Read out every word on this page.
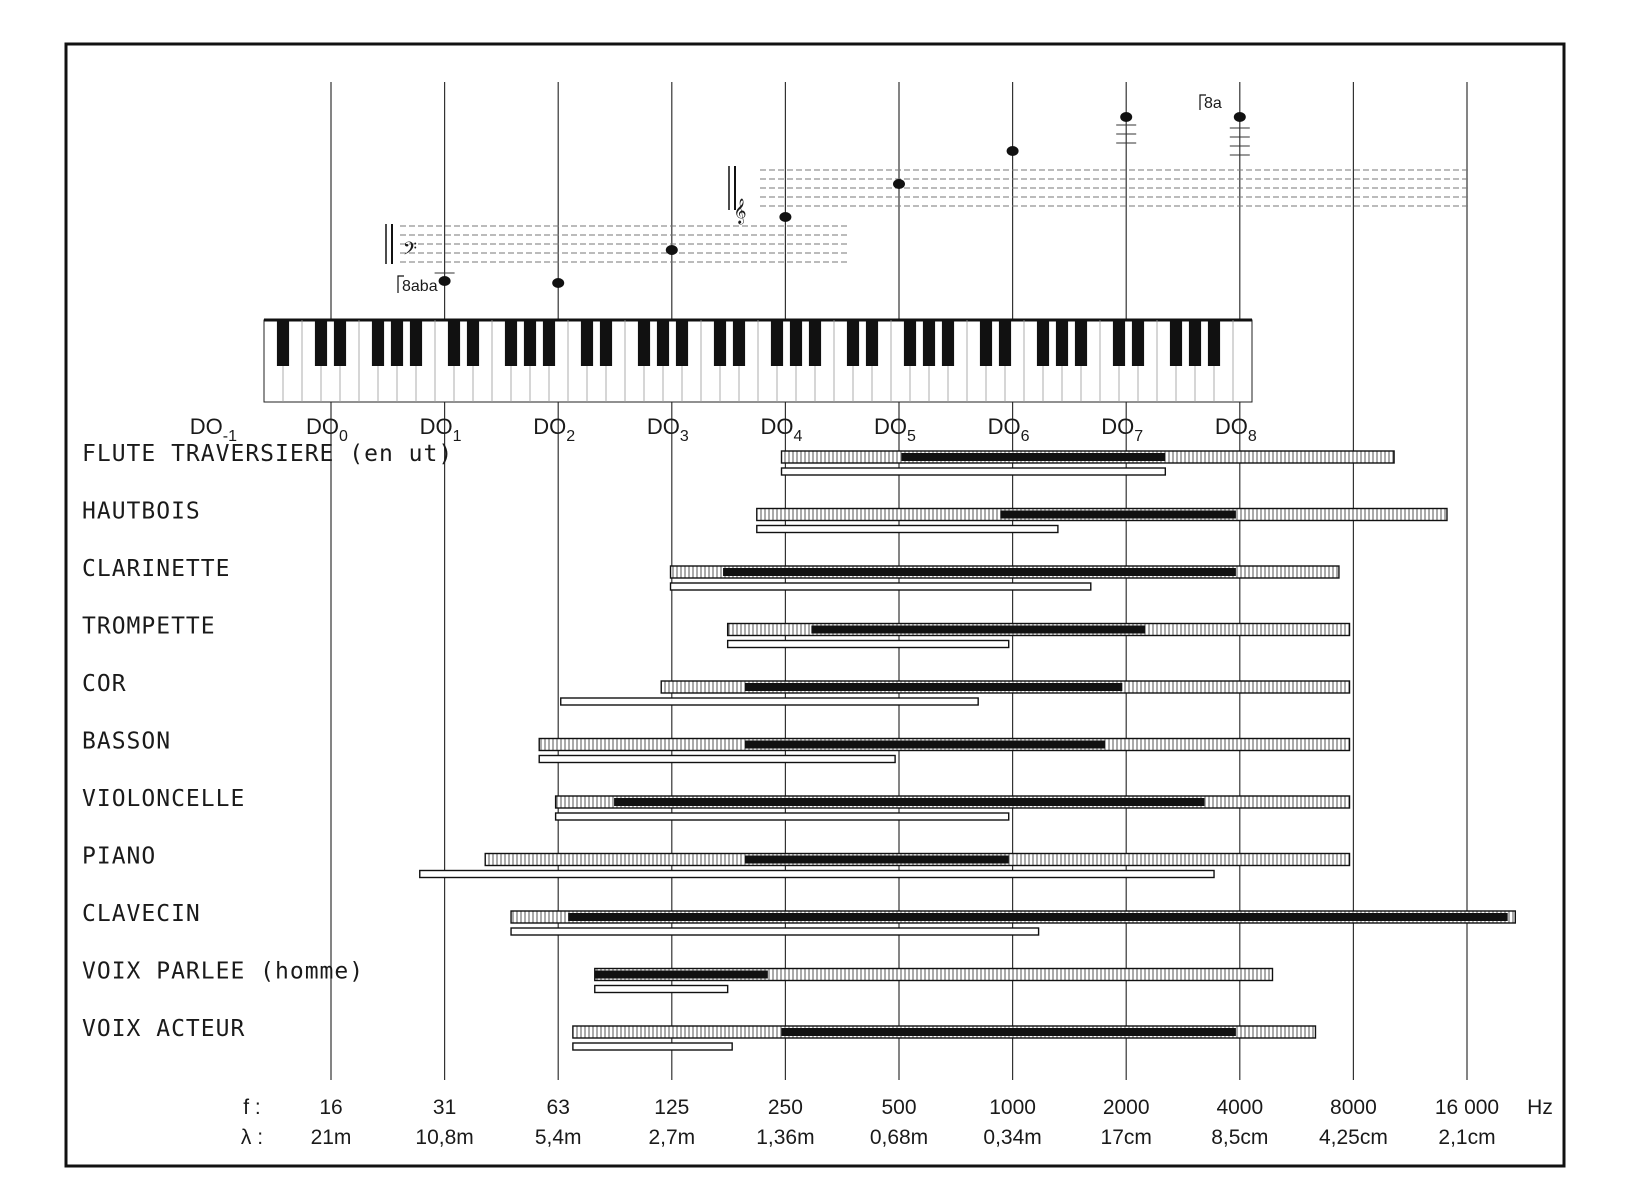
𝄢
𝄞
8aba
8a
$DO_{-1}$	$DO_0$	$DO_1$	$DO_2$	$DO_3$	$DO_4$	$DO_5$	$DO_6$	$DO_7$	$DO_8$
FLUTE TRAVERSIERE (en ut)
HAUTBOIS
CLARINETTE
TROMPETTE
COR
BASSON
VIOLONCELLE
PIANO
CLAVECIN
VOIX PARLEE (homme)
VOIX ACTEUR
f :
λ :
16	31	63	125	250	500	1000	2000	4000	8000	16 000
21m	10,8m	5,4m	2,7m	1,36m	0,68m	0,34m	17cm	8,5cm 4,25cm 2,1cm
Hz
